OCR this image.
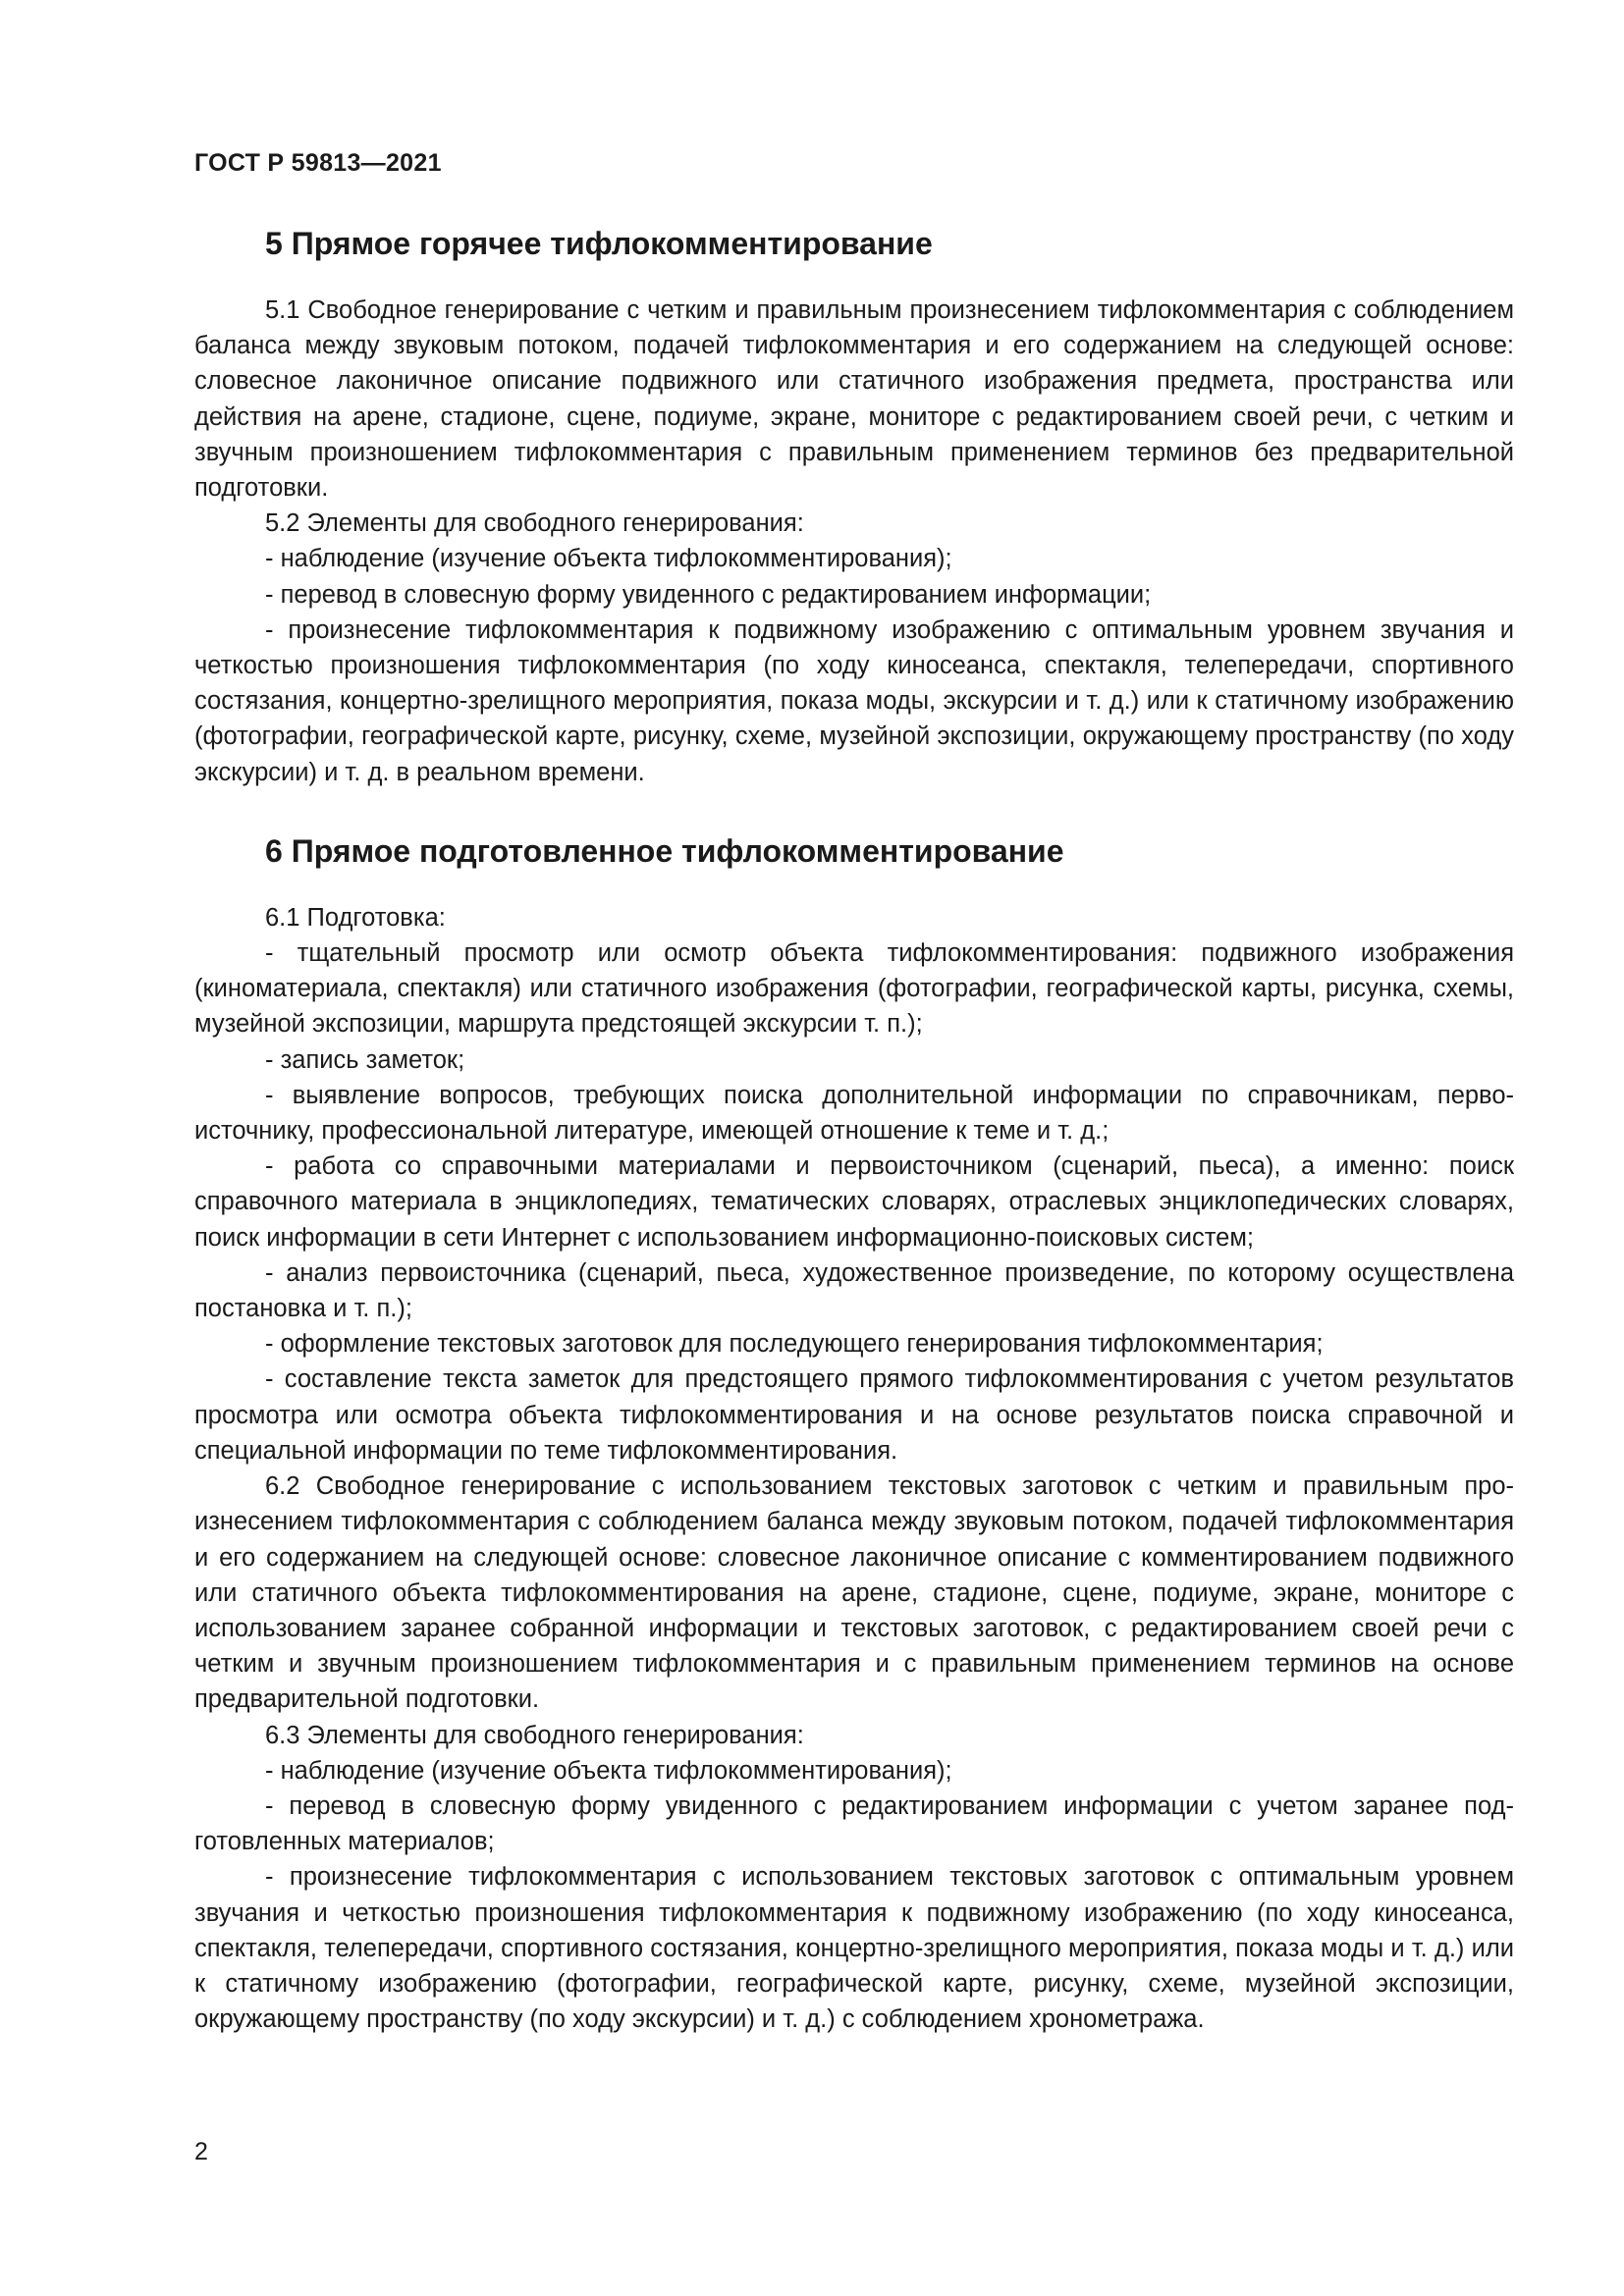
ГОСТ Р 59813—2021
5 Прямое горячее тифлокомментирование

5.1 Свободное генерирование с четким и правильным произнесением тифлокомментария с соблюдением баланса между звуковым потоком, подачей тифлокомментария и его содержанием на следующей основе: словесное лаконичное описание подвижного или статичного изображения предмета, пространства или действия на арене, стадионе, сцене, подиуме, экране, мониторе с редактированием своей речи, с четким и звучным произношением тифлокомментария с правильным применением терминов без предварительной подготовки.

5.2 Элементы для свободного генерирования:

- наблюдение (изучение объекта тифлокомментирования);

- перевод в словесную форму увиденного с редактированием информации;

- произнесение тифлокомментария к подвижному изображению с оптимальным уровнем звучания и четкостью произношения тифлокомментария (по ходу киносеанса, спектакля, телепередачи, спортивного состязания, концертно-зрелищного мероприятия, показа моды, экскурсии и т. д.) или к статичному изображению (фотографии, географической карте, рисунку, схеме, музейной экспозиции, окружающему пространству (по ходу экскурсии) и т. д. в реальном времени.

6 Прямое подготовленное тифлокомментирование

6.1 Подготовка:

- тщательный просмотр или осмотр объекта тифлокомментирования: подвижного изображения (киноматериала, спектакля) или статичного изображения (фотографии, географической карты, рисунка, схемы, музейной экспозиции, маршрута предстоящей экскурсии т. п.);

- запись заметок;

- выявление вопросов, требующих поиска дополнительной информации по справочникам, первоисточнику, профессиональной литературе, имеющей отношение к теме и т. д.;

- работа со справочными материалами и первоисточником (сценарий, пьеса), а именно: поиск справочного материала в энциклопедиях, тематических словарях, отраслевых энциклопедических словарях, поиск информации в сети Интернет с использованием информационно-поисковых систем;

- анализ первоисточника (сценарий, пьеса, художественное произведение, по которому осуществлена постановка и т. п.);

- оформление текстовых заготовок для последующего генерирования тифлокомментария;

- составление текста заметок для предстоящего прямого тифлокомментирования с учетом результатов просмотра или осмотра объекта тифлокомментирования и на основе результатов поиска справочной и специальной информации по теме тифлокомментирования.

6.2 Свободное генерирование с использованием текстовых заготовок с четким и правильным произнесением тифлокомментария с соблюдением баланса между звуковым потоком, подачей тифлокомментария и его содержанием на следующей основе: словесное лаконичное описание с комментированием подвижного или статичного объекта тифлокомментирования на арене, стадионе, сцене, подиуме, экране, мониторе с использованием заранее собранной информации и текстовых заготовок, с редактированием своей речи с четким и звучным произношением тифлокомментария и с правильным применением терминов на основе предварительной подготовки.

6.3 Элементы для свободного генерирования:

- наблюдение (изучение объекта тифлокомментирования);

- перевод в словесную форму увиденного с редактированием информации с учетом заранее подготовленных материалов;

- произнесение тифлокомментария с использованием текстовых заготовок с оптимальным уровнем звучания и четкостью произношения тифлокомментария к подвижному изображению (по ходу киносеанса, спектакля, телепередачи, спортивного состязания, концертно-зрелищного мероприятия, показа моды и т. д.) или к статичному изображению (фотографии, географической карте, рисунку, схеме, музейной экспозиции, окружающему пространству (по ходу экскурсии) и т. д.) с соблюдением хронометража.

2
